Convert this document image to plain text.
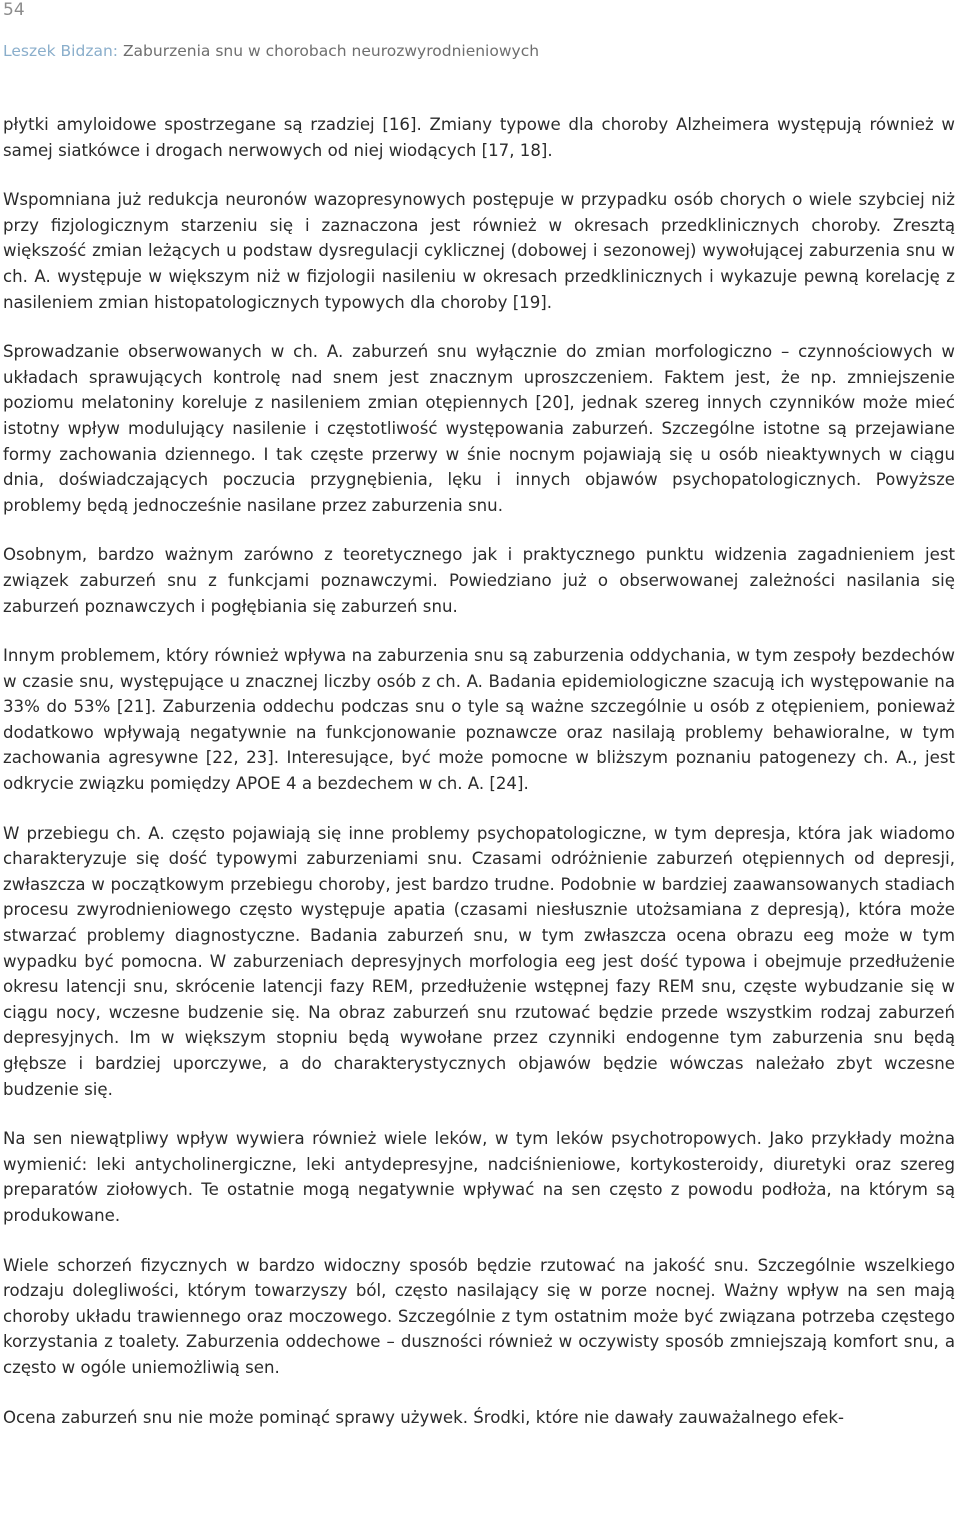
54
Leszek Bidzan: Zaburzenia snu w chorobach neurozwyrodnieniowych

płytki amyloidowe spostrzegane są rzadziej [16]. Zmiany typowe dla choroby Alzheimera występują również w samej siatkówce i drogach nerwowych od niej wiodących [17, 18].

Wspomniana już redukcja neuronów wazopresynowych postępuje w przypadku osób chorych o wiele szybciej niż przy fizjologicznym starzeniu się i zaznaczona jest również w okresach przedklinicznych choroby. Zresztą większość zmian leżących u podstaw dysregulacji cyklicznej (dobowej i sezonowej) wywołującej zaburzenia snu w ch. A. występuje w większym niż w fizjologii nasileniu w okresach przedklinicznych i wykazuje pewną korelację z nasileniem zmian histopatologicznych typowych dla choroby [19].

Sprowadzanie obserwowanych w ch. A. zaburzeń snu wyłącznie do zmian morfologiczno – czynnościowych w układach sprawujących kontrolę nad snem jest znacznym uproszczeniem. Faktem jest, że np. zmniejszenie poziomu melatoniny koreluje z nasileniem zmian otępiennych [20], jednak szereg innych czynników może mieć istotny wpływ modulujący nasilenie i częstotliwość występowania zaburzeń. Szczególne istotne są przejawiane formy zachowania dziennego. I tak częste przerwy w śnie nocnym pojawiają się u osób nieaktywnych w ciągu dnia, doświadczających poczucia przygnębienia, lęku i innych objawów psychopatologicznych. Powyższe problemy będą jednocześnie nasilane przez zaburzenia snu.

Osobnym, bardzo ważnym zarówno z teoretycznego jak i praktycznego punktu widzenia zagadnieniem jest związek zaburzeń snu z funkcjami poznawczymi. Powiedziano już o obserwowanej zależności nasilania się zaburzeń poznawczych i pogłębiania się zaburzeń snu.

Innym problemem, który również wpływa na zaburzenia snu są zaburzenia oddychania, w tym zespoły bezdechów w czasie snu, występujące u znacznej liczby osób z ch. A. Badania epidemiologiczne szacują ich występowanie na 33% do 53% [21]. Zaburzenia oddechu podczas snu o tyle są ważne szczególnie u osób z otępieniem, ponieważ dodatkowo wpływają negatywnie na funkcjonowanie poznawcze oraz nasilają problemy behawioralne, w tym zachowania agresywne [22, 23]. Interesujące, być może pomocne w bliższym poznaniu patogenezy ch. A., jest odkrycie związku pomiędzy APOE 4 a bezdechem w ch. A. [24].

W przebiegu ch. A. często pojawiają się inne problemy psychopatologiczne, w tym depresja, która jak wiadomo charakteryzuje się dość typowymi zaburzeniami snu. Czasami odróżnienie zaburzeń otępiennych od depresji, zwłaszcza w początkowym przebiegu choroby, jest bardzo trudne. Podobnie w bardziej zaawansowanych stadiach procesu zwyrodnieniowego często występuje apatia (czasami niesłusznie utożsamiana z depresją), która może stwarzać problemy diagnostyczne. Badania zaburzeń snu, w tym zwłaszcza ocena obrazu eeg może w tym wypadku być pomocna. W zaburzeniach depresyjnych morfologia eeg jest dość typowa i obejmuje przedłużenie okresu latencji snu, skrócenie latencji fazy REM, przedłużenie wstępnej fazy REM snu, częste wybudzanie się w ciągu nocy, wczesne budzenie się. Na obraz zaburzeń snu rzutować będzie przede wszystkim rodzaj zaburzeń depresyjnych. Im w większym stopniu będą wywołane przez czynniki endogenne tym zaburzenia snu będą głębsze i bardziej uporczywe, a do charakterystycznych objawów będzie wówczas należało zbyt wczesne budzenie się.

Na sen niewątpliwy wpływ wywiera również wiele leków, w tym leków psychotropowych. Jako przykłady można wymienić: leki antycholinergiczne, leki antydepresyjne, nadciśnieniowe, kortykosteroidy, diuretyki oraz szereg preparatów ziołowych. Te ostatnie mogą negatywnie wpływać na sen często z powodu podłoża, na którym są produkowane.

Wiele schorzeń fizycznych w bardzo widoczny sposób będzie rzutować na jakość snu. Szczególnie wszelkiego rodzaju dolegliwości, którym towarzyszy ból, często nasilający się w porze nocnej. Ważny wpływ na sen mają choroby układu trawiennego oraz moczowego. Szczególnie z tym ostatnim może być związana potrzeba częstego korzystania z toalety. Zaburzenia oddechowe – duszności również w oczywisty sposób zmniejszają komfort snu, a często w ogóle uniemożliwią sen.

Ocena zaburzeń snu nie może pominąć sprawy używek. Środki, które nie dawały zauważalnego efek-
